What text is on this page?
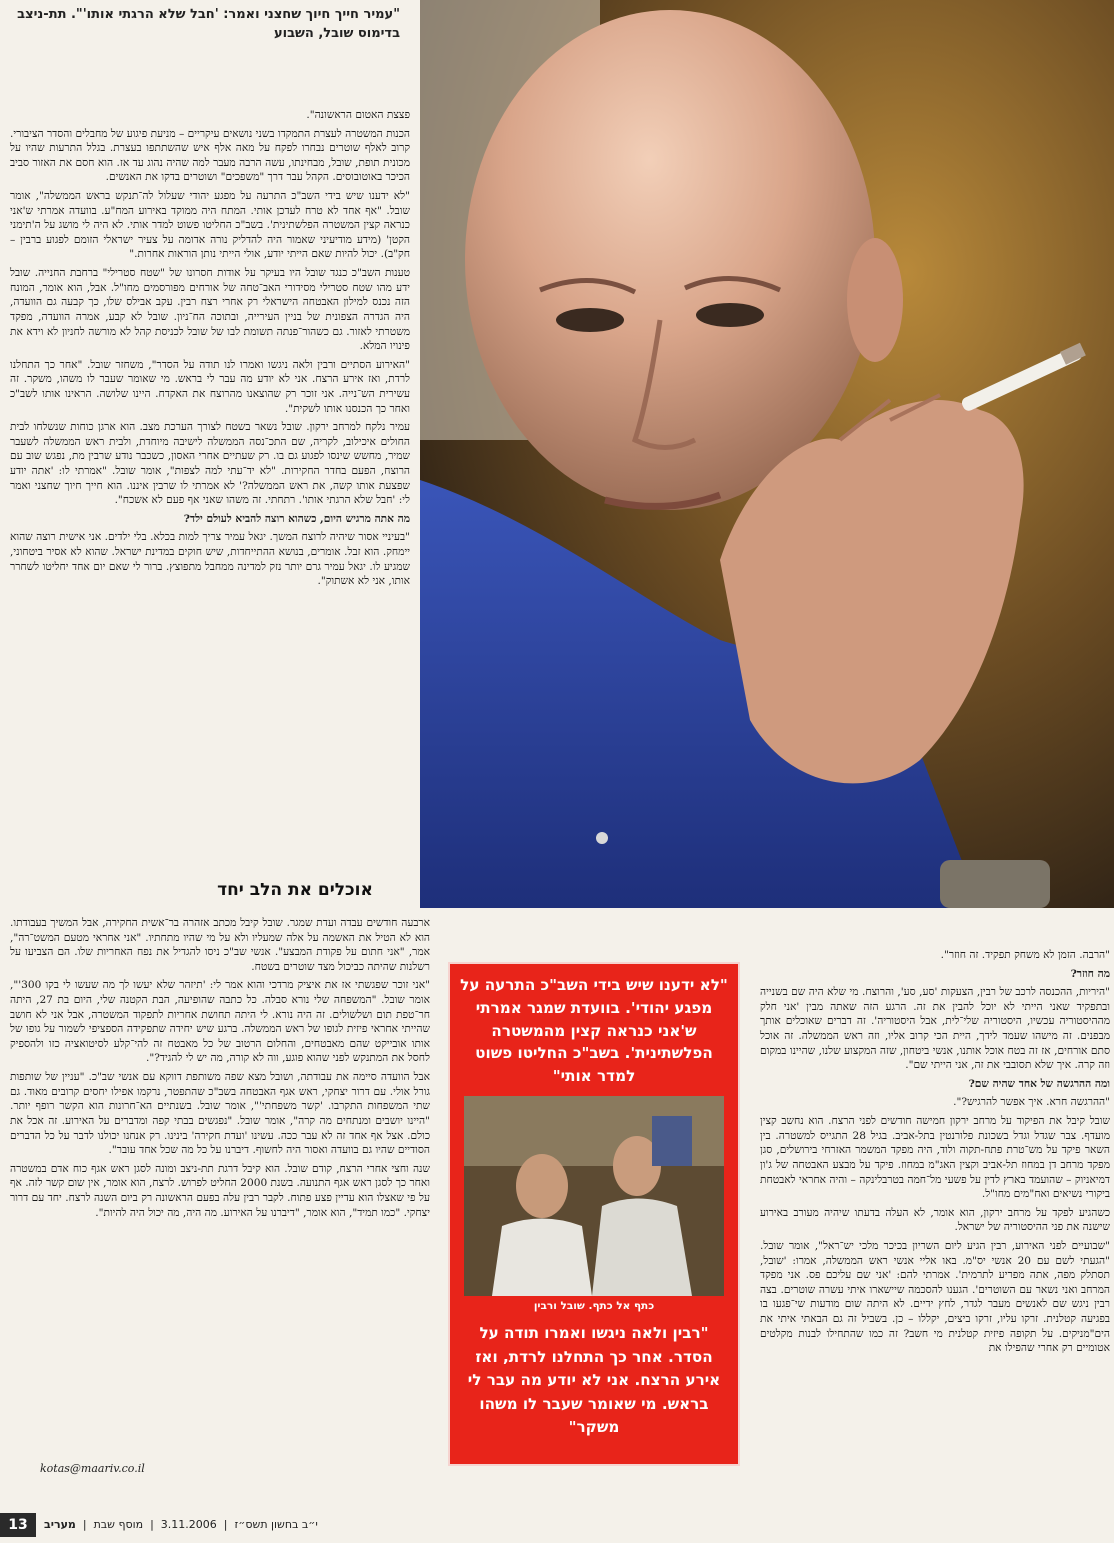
"עמיר חייך חיוך שחצני ואמר: 'חבל שלא הרגתי אותו'". תת-ניצב בדימוס שובל, השבוע

"הרבה. הזמן לא משחק תפקיד. זה חוזר".

מה חוזר?

"היריות, ההכנסה לרכב של רבין, הצעקות 'סע, סע', והרוצח. מי שלא היה שם בשנייה ובתפקיד שאני הייתי לא יוכל להבין את זה. הרגע הזה שאתה מבין 'אני חלק מההיסטוריה עכשיו, היסטוריה שלי־לית, אבל היסטוריה'. זה דברים שאוכלים אותך מבפנים. זה מישהו שעמד לידך, היית הכי קרוב אליו, וזה ראש הממשלה. זה אוכל סתם אורחים, אז זה בטח אוכל אותנו, אנשי ביטחון, שזה המקצוע שלנו, שהיינו במקום וזה קרה. איך שלא תסובבי את זה, אני הייתי שם".

ומה ההרגשה של אחד שהיה שם?

"ההרגשה חרא. איך אפשר להרגיש?".

שובל קיבל את הפיקוד על מרחב ירקון חמישה חודשים לפני הרצח. הוא נחשב קצין מועדף. צבר שגדל וגדל בשכונת פלורנטין בתל-אביב. בגיל 28 התגייס למשטרה. בין השאר פיקד על מש־טרת פתח-תקוה ולוד, היה מפקד המשמר האזרחי בירושלים, סגן מפקד מרחב דן במחוז תל-אביב וקצין האג"מ במחוז. פיקד על מבצע האבטחה של ג'ון דמיאניוק – שהועמד בארץ לדין על פשעי מל־חמה בטרבלינקה – והיה אחראי לאבטחת ביקורי נשיאים ואח"מים מחו"ל.

כשהגיע לפקד על מרחב ירקון, הוא אומר, לא העלה בדעתו שיהיה מעורב באירוע שישנה את פני ההיסטוריה של ישראל.

"שבועיים לפני האירוע, רבין הגיע ליום השריון בכיכר מלכי יש־ראל", אומר שובל. "הגעתי לשם עם 20 אנשי יס"מ. באו אליי אנשי ראש הממשלה, אמרו: 'שובל, תסתלק מפה, אתה מפריע לתרמית'. אמרתי להם: 'אני שם עליכם פס. אני מפקד המרחב ואני נשאר עם השוטרים'. הגענו להסכמה שיישארו איתי עשרה שוטרים. בצה רבין ניגש שם לאנשים מעבר לגדר, לחץ ידיים. לא היתה שום מודעות שי־פגעו בו בפגיעה קטלנית. זרקו עליו, זרקו ביצים, יקללו – כן. בשביל זה גם הבאתי איתי את הים"מניקים. על תקופה פיזית קטלנית מי חשב? זה כמו שהתחילו לבנות מקלטים אטומיים רק אחרי שהפילו את

פצצת האטום הראשונה".

הכנות המשטרה לעצרת התמקדו בשני נושאים עיקריים – מניעת פיגוע של מחבלים והסדר הציבורי. קרוב לאלף שוטרים נבחרו לפקח על מאה אלף איש שהשתתפו בעצרת. בגלל התרעות שהיו על מכונית תופת, שובל, מבחינתו, עשה הרבה מעבר למה שהיה נהוג עד אז. הוא חסם את האזור סביב הכיכר באוטובוסים. הקהל עבר דרך "משפכים" ושוטרים בדקו את האנשים.

"לא ידענו שיש בידי השב"כ התרעה על מפגע יהודי שעלול לה־תנקש בראש הממשלה", אומר שובל. "אף אחד לא טרח לעדכן אותי. המתח היה ממוקד באירוע המח"ע. בוועדה אמרתי ש'אני כנראה קצין המשטרה הפלשתינית'. בשב"כ החליטו פשוט למדר אותי. לא היה לי מושג על ה'תימני הקטן' (מידע מודיעיני שאמור היה להדליק נורה אדומה על צעיר ישראלי הזומם לפגוע ברבין – חק"ב). יכול להיות שאם הייתי יודע, אולי הייתי נותן הוראות אחרות."

טענות השב"כ כנגד שובל היו בעיקר על אודות חסרונו של "שטח סטרילי" ברחבת החנייה. שובל ידע מהו שטח סטרילי מסידורי האב־טחה של אורחים מפורסמים מחו"ל. אבל, הוא אומר, המונח הזה נכנס למילון האבטחה הישראלי רק אחרי רצח רבין. עקב אבילס שלו, כך קבעה גם הוועדה, היה הגדרה הצפונית של בניין העירייה, ובתוכה הח־ניון. שובל לא קבע, אמרה הוועדה, מפקד משטרתי לאזור. גם כשהור־פנתה תשומת לבו של שובל לכניסת קהל לא מורשה לחניון לא וידא את פינויו המלא.

"האירוע הסתיים ורבין ולאה ניגשו ואמרו לנו תודה על הסדר", משחזר שובל. "אחר כך התחלנו לרדת, ואז אירע הרצח. אני לא יודע מה עבר לי בראש. מי שאומר שעבר לו משהו, משקר. זה עשירית הש־נייה. אני זוכר רק שהוצאנו מהרוצח את האקדח. היינו שלושה. הראינו אותו לשב"כ ואחר כך הכנסנו אותו לשקית".

עמיר נלקח למרחב ירקון. שובל נשאר בשטח לצורך הערכת מצב. הוא ארגן כוחות שנשלחו לבית החולים איכילוב, לקריה, שם התכ־נסה הממשלה לישיבה מיוחדת, ולבית ראש הממשלה לשעבר שמיר, מחשש שינסו לפגוע גם בו. רק שעתיים אחרי האסון, כשכבר נודע שרבין מת, נפגש שוב עם הרוצח, הפעם בחדר החקירות. "לא יד־עתי למה לצפות", אומר שובל. "אמרתי לו: 'אתה יודע שפצעת אותו קשה, את ראש הממשלה?' לא אמרתי לו שרבין איננו. הוא חייך חיוך שחצני ואמר לי: 'חבל שלא הרגתי אותו'. רתחתי. זה משהו שאני אף פעם לא אשכח".

מה אתה מרגיש היום, כשהוא רוצה להביא לעולם ילד?

"בעיניי אסור שיהיה לרוצח המשך. יגאל עמיר צריך למות בכלא. בלי ילדים. אני אישית רוצה שהוא יימחק. הוא זבל. אומרים, בנושא ההתייחדות, שיש חוקים במדינת ישראל. שהוא לא אסיר ביטחוני, שמגיע לו. יגאל עמיר גרם יותר נזק למדינה ממחבל מתפוצץ. ברור לי שאם יום אחד יחליטו לשחרר אותו, אני לא אשתוק".

אוכלים את הלב יחד

ארבעה חודשים עבדה ועדת שמגר. שובל קיבל מכתב אזהרה בר־אשית החקירה, אבל המשיך בעבודתו. הוא לא הטיל את האשמה על אלה שמעליו ולא על מי שהיו מתחתיו. "אני אחראי מטעם המשט־רה", אמר, "אני חתום על פקודת המבצע". אנשי שב"כ ניסו להגדיל את נפח האחריות שלו. הם הצביעו על רשלנות שהיתה כביכול מצד שוטרים בשטח.

"אני זוכר שפגשתי אז את איציק מרדכי והוא אמר לי: 'תיזהר שלא יעשו לך מה שעשו לי בקו 300'", אומר שובל. "המשפחה שלי נורא סבלה. כל כתבה שהופיעה, הבת הקטנה שלי, היום בת 27, היתה חר־טפת תום ושלשולים. זה היה נורא. לי היתה תחושת אחריות לתפקוד המשטרה, אבל אני לא חושב שהייתי אחראי פיזית לגופו של ראש הממשלה. ברגע שיש יחידה שתפקידה הספציפי לשמור על גופו של אותו אובייקט שהם מאבטחים, והחלום הרטוב של כל מאבטח זה להי־קלע לסיטואציה כזו ולהספיק לחסל את המתנקש לפני שהוא פוגע, ווה לא קורה, מה יש לי להגיד?".

אבל הוועדה סיימה את עבודתה, ושובל מצא שפה משותפת דווקא עם אנשי שב"כ. "עניין של שותפות גורל אולי. עם דרור יצחקי, ראש אגף האבטחה בשב"כ שהתפטר, נרקמו אפילו יחסים קרובים מאוד. גם שתי המשפחות התקרבו. 'קשר משפחתי'", אומר שובל. בשנתיים הא־חרונות הוא הקשר רופף יותר. "היינו יושבים ומנתחים מה קרה", אומר שובל. "נפגשים בבתי קפה ומדברים על האירוע. זה אכל את כולם. אצל אף אחד זה לא עבר ככה. עשינו 'ועדת חקירה' בינינו. רק אנחנו יכולנו לדבר על כל הדברים הסודיים שהיו גם בוועדה ואסור היה לחשוף. דיברנו על כל מה שכל אחד עובר".

שנה וחצי אחרי הרצח, קודם שובל. הוא קיבל דרגת תת-ניצב ומונה לסגן ראש אגף כוח אדם במשטרה ואחר כך לסגן ראש אגף התנועה. בשנת 2000 החליט לפרוש. לרצח, הוא אומר, אין שום קשר לזה. אף על פי שאצלו הוא עדיין פצע פתוח. לקבר רבין עלה בפעם הראשונה רק ביום השנה לרצח. יחד עם דרור יצחקי. "כמו תמיד", הוא אומר, "דיברנו על האירוע. מה היה, מה יכול היה להיות".

kotas@maariv.co.il
"לא ידענו שיש בידי השב"כ התרעה על מפגע יהודי'. בוועדת שמגר אמרתי ש'אני כנראה קצין מהמשטרה הפלשתינית'. בשב"כ החליטו פשוט למדר אותי"
כתף אל כתף. שובל ורבין
"רבין ולאה ניגשו ואמרו תודה על הסדר. אחר כך התחלנו לרדת, ואז אירע הרצח. אני לא יודע מה עבר לי בראש. מי שאומר שעבר לו משהו משקר"
13	י״ב בחשון תשס״ז  |  3.11.2006  |  מוסף שבת  |  מעריב
